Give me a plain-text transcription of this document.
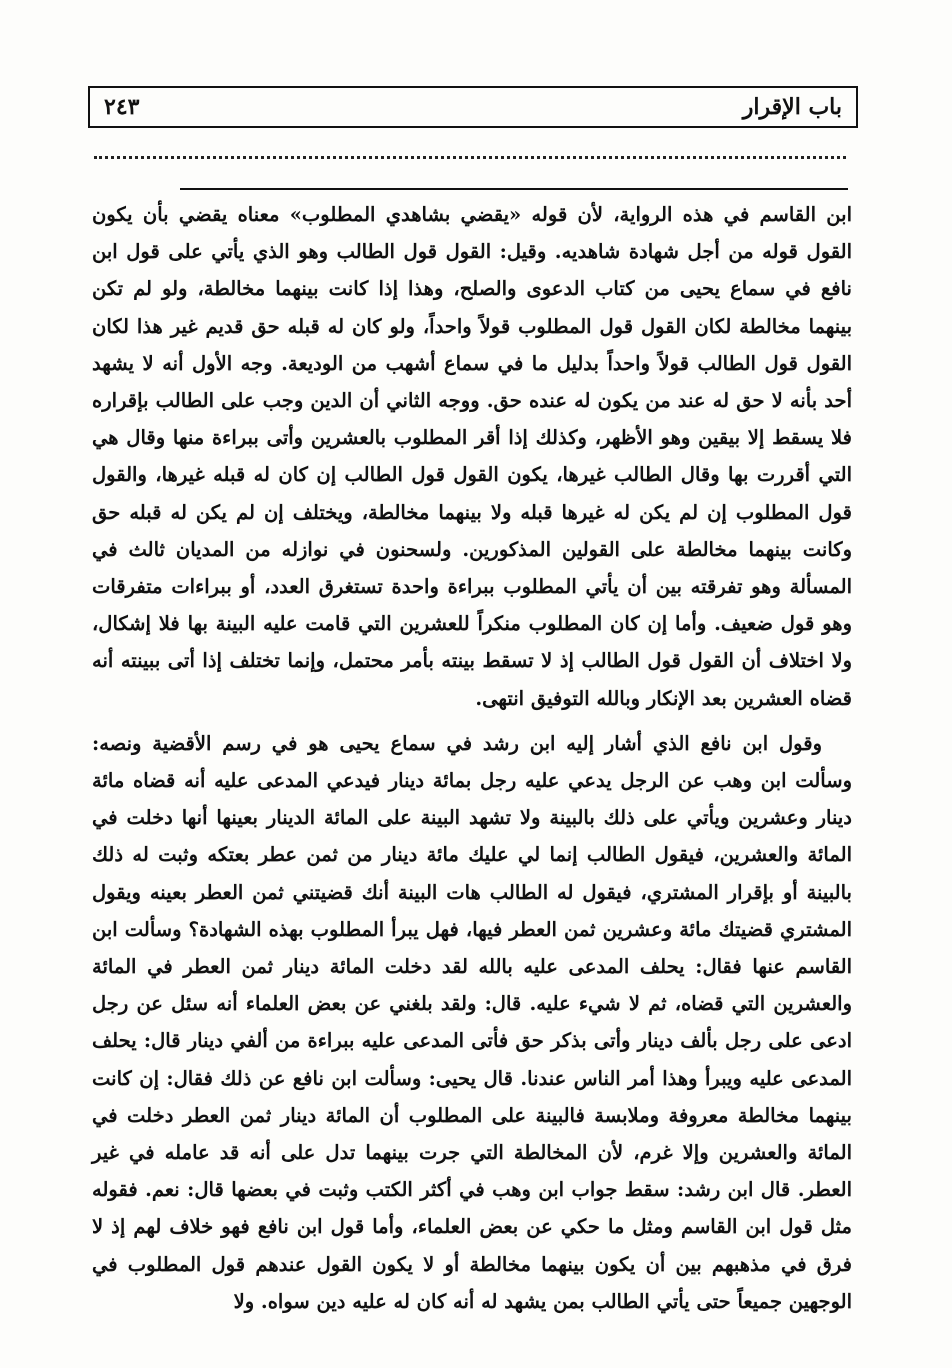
باب الإقرار
٢٤٣

ابن القاسم في هذه الرواية، لأن قوله «يقضي بشاهدي المطلوب» معناه يقضي بأن يكون القول قوله من أجل شهادة شاهديه. وقيل: القول قول الطالب وهو الذي يأتي على قول ابن نافع في سماع يحيى من كتاب الدعوى والصلح، وهذا إذا كانت بينهما مخالطة، ولو لم تكن بينهما مخالطة لكان القول قول المطلوب قولاً واحداً، ولو كان له قبله حق قديم غير هذا لكان القول قول الطالب قولاً واحداً بدليل ما في سماع أشهب من الوديعة. وجه الأول أنه لا يشهد أحد بأنه لا حق له عند من يكون له عنده حق. ووجه الثاني أن الدين وجب على الطالب بإقراره فلا يسقط إلا بيقين وهو الأظهر، وكذلك إذا أقر المطلوب بالعشرين وأتى ببراءة منها وقال هي التي أقررت بها وقال الطالب غيرها، يكون القول قول الطالب إن كان له قبله غيرها، والقول قول المطلوب إن لم يكن له غيرها قبله ولا بينهما مخالطة، ويختلف إن لم يكن له قبله حق وكانت بينهما مخالطة على القولين المذكورين. ولسحنون في نوازله من المديان ثالث في المسألة وهو تفرقته بين أن يأتي المطلوب ببراءة واحدة تستغرق العدد، أو ببراءات متفرقات وهو قول ضعيف. وأما إن كان المطلوب منكراً للعشرين التي قامت عليه البينة بها فلا إشكال، ولا اختلاف أن القول قول الطالب إذ لا تسقط بينته بأمر محتمل، وإنما تختلف إذا أتى ببينته أنه قضاه العشرين بعد الإنكار وبالله التوفيق انتهى.

وقول ابن نافع الذي أشار إليه ابن رشد في سماع يحيى هو في رسم الأقضية ونصه: وسألت ابن وهب عن الرجل يدعي عليه رجل بمائة دينار فيدعي المدعى عليه أنه قضاه مائة دينار وعشرين ويأتي على ذلك بالبينة ولا تشهد البينة على المائة الدينار بعينها أنها دخلت في المائة والعشرين، فيقول الطالب إنما لي عليك مائة دينار من ثمن عطر بعتكه وثبت له ذلك بالبينة أو بإقرار المشتري، فيقول له الطالب هات البينة أنك قضيتني ثمن العطر بعينه ويقول المشتري قضيتك مائة وعشرين ثمن العطر فيها، فهل يبرأ المطلوب بهذه الشهادة؟ وسألت ابن القاسم عنها فقال: يحلف المدعى عليه بالله لقد دخلت المائة دينار ثمن العطر في المائة والعشرين التي قضاه، ثم لا شيء عليه. قال: ولقد بلغني عن بعض العلماء أنه سئل عن رجل ادعى على رجل بألف دينار وأتى بذكر حق فأتى المدعى عليه ببراءة من ألفي دينار قال: يحلف المدعى عليه ويبرأ وهذا أمر الناس عندنا. قال يحيى: وسألت ابن نافع عن ذلك فقال: إن كانت بينهما مخالطة معروفة وملابسة فالبينة على المطلوب أن المائة دينار ثمن العطر دخلت في المائة والعشرين وإلا غرم، لأن المخالطة التي جرت بينهما تدل على أنه قد عامله في غير العطر. قال ابن رشد: سقط جواب ابن وهب في أكثر الكتب وثبت في بعضها قال: نعم. فقوله مثل قول ابن القاسم ومثل ما حكي عن بعض العلماء، وأما قول ابن نافع فهو خلاف لهم إذ لا فرق في مذهبهم بين أن يكون بينهما مخالطة أو لا يكون القول عندهم قول المطلوب في الوجهين جميعاً حتى يأتي الطالب بمن يشهد له أنه كان له عليه دين سواه. ولا
